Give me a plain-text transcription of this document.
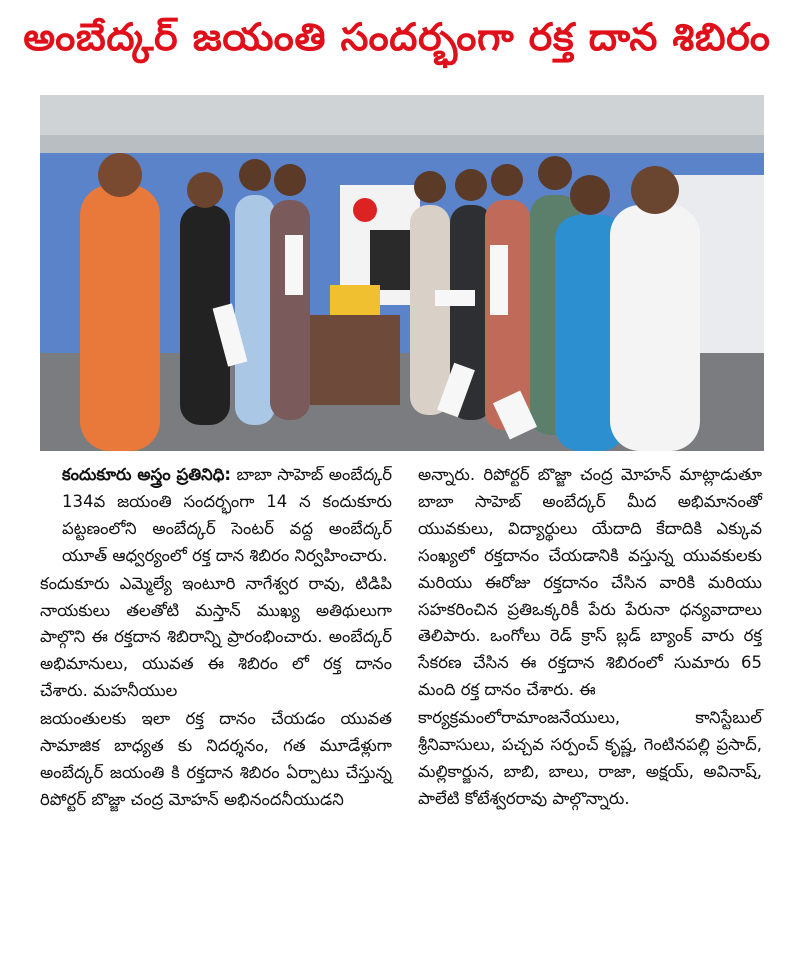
అంబేద్కర్ జయంతి సందర్భంగా రక్త దాన శిబిరం

కందుకూరు అస్త్రం ప్రతినిధి: బాబా సాహెబ్ అంబేద్కర్ 134వ జయంతి సందర్భంగా 14 న కందుకూరు పట్టణంలోని అంబేద్కర్ సెంటర్ వద్ద అంబేద్కర్ యూత్ ఆధ్వర్యంలో రక్త దాన శిబిరం నిర్వహించారు.

కందుకూరు ఎమ్మెల్యే ఇంటూరి నాగేశ్వర రావు, టిడిపి నాయకులు తలతోటి మస్తాన్ ముఖ్య అతిథులుగా పాల్గొని ఈ రక్తదాన శిబిరాన్ని ప్రారంభించారు. అంబేద్కర్ అభిమానులు, యువత ఈ శిబిరం లో రక్త దానం చేశారు. మహనీయుల

జయంతులకు ఇలా రక్త దానం చేయడం యువత సామాజిక బాధ్యత కు నిదర్శనం, గత మూడేళ్లుగా అంబేద్కర్ జయంతి కి రక్తదాన శిబిరం ఏర్పాటు చేస్తున్న రిపోర్టర్ బొజ్జా చంద్ర మోహన్ అభినందనీయుడని

అన్నారు. రిపోర్టర్ బొజ్జా చంద్ర మోహన్ మాట్లాడుతూ బాబా సాహెబ్ అంబేద్కర్ మీద అభిమానంతో యువకులు, విద్యార్థులు యేదాది కేదాదికి ఎక్కువ సంఖ్యలో రక్తదానం చేయడానికి వస్తున్న యువకులకు మరియు ఈరోజు రక్తదానం చేసిన వారికి మరియు సహకరించిన ప్రతిఒక్కరికీ పేరు పేరునా ధన్యవాదాలు తెలిపారు. ఒంగోలు రెడ్ క్రాస్ బ్లడ్ బ్యాంక్ వారు రక్త సేకరణ చేసిన ఈ రక్తదాన శిబిరంలో సుమారు 65 మంది రక్త దానం చేశారు. ఈ

కార్యక్రమంలోరామాంజనేయులు, కానిస్టేబుల్ శ్రీనివాసులు, పచ్చవ సర్పంచ్ కృష్ణ, గెంటినపల్లి ప్రసాద్, మల్లికార్జున, బాబి, బాలు, రాజా, అక్షయ్, అవినాష్, పాలేటి కోటేశ్వరరావు పాల్గొన్నారు.
